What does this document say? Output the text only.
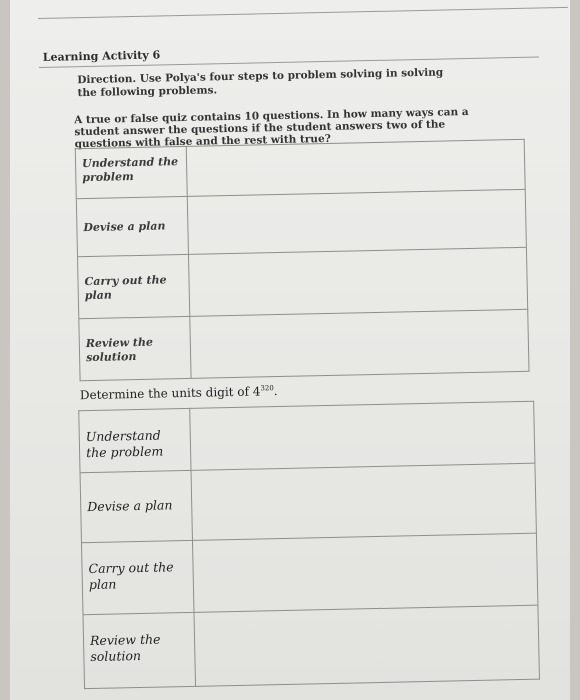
Learning Activity 6
Direction. Use Polya's four steps to problem solving in solving the following problems.
A true or false quiz contains 10 questions. In how many ways can a student answer the questions if the student answers two of the questions with false and the rest with true?
Understand the problem	
Devise a plan	
Carry out the plan	
Review the solution	
Determine the units digit of $4^{320}$.
Understand the problem	
Devise a plan	
Carry out the plan	
Review the solution	
